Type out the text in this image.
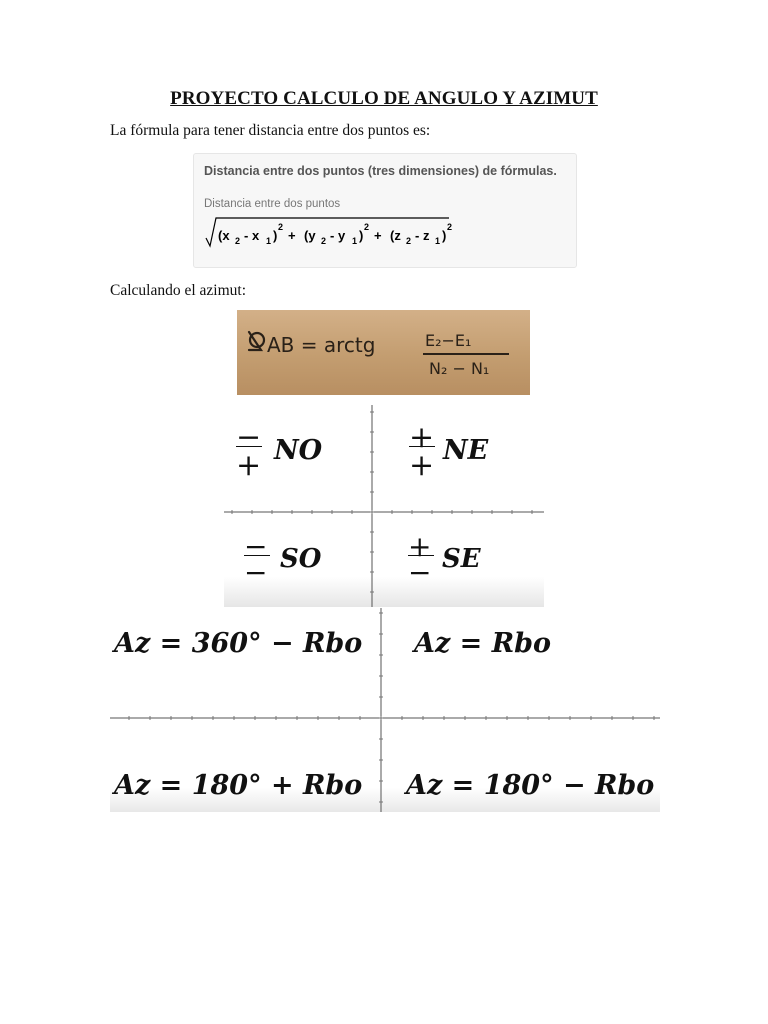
PROYECTO CALCULO DE ANGULO Y AZIMUT
La fórmula para tener distancia entre dos puntos es:
Distancia entre dos puntos (tres dimensiones) de fórmulas.
Distancia entre dos puntos
(x 2 - x 1 )
2
+ (y 2 - y 1 )
2
+ (z 2 - z 1 )
2
Calculando el azimut:
AB = arctg	E₂−E₁
N₂ − N₁
−
+ NO	+
+ NE
−
− SO	+
− SE
Az = 360° − Rbo Az = Rbo
Az = 180° + Rbo Az = 180° − Rbo
